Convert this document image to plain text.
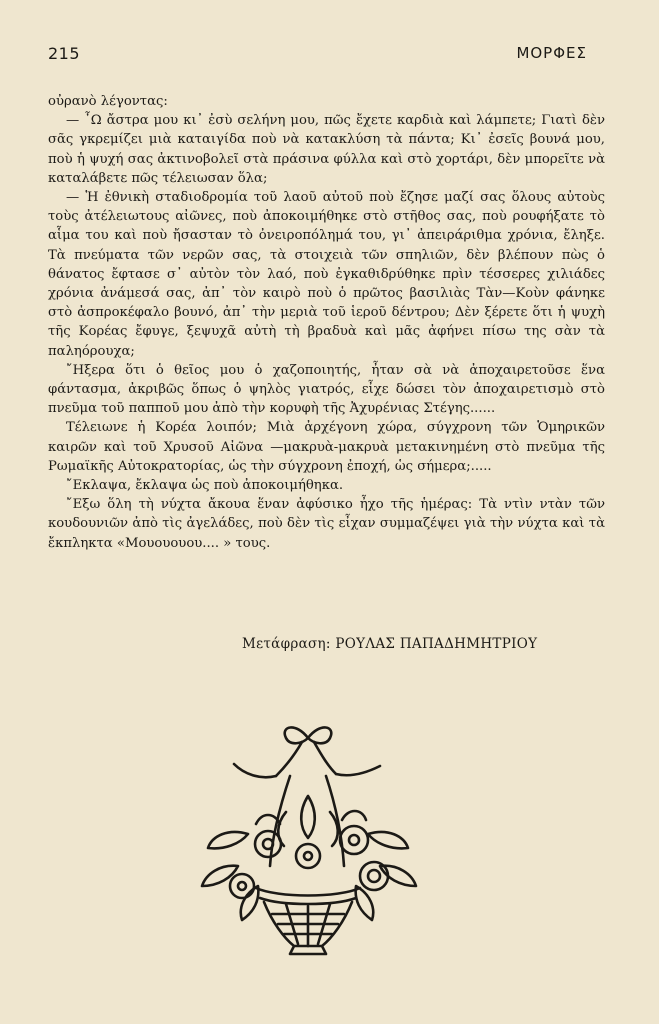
215	ΜΟΡΦΕΣ

οὐρανὸ λέγοντας:

— ῏Ω ἄστρα μου κι᾽ ἐσὺ σελήνη μου, πῶς ἔχετε καρδιὰ καὶ λάμπετε; Γιατὶ δὲν σᾶς γκρεμίζει μιὰ καταιγίδα ποὺ νὰ κατακλύση τὰ πάντα; Κι᾽ ἐσεῖς βουνά μου, ποὺ ἡ ψυχή σας ἀκτινοβολεῖ στὰ πράσινα φύλλα καὶ στὸ χορτάρι, δὲν μπορεῖτε νὰ καταλάβετε πῶς τέλειωσαν ὅλα;

— Ἡ ἐθνικὴ σταδιοδρομία τοῦ λαοῦ αὐτοῦ ποὺ ἔζησε μαζί σας ὅλους αὐτοὺς τοὺς ἀτέλειωτους αἰῶνες, ποὺ ἀποκοιμήθηκε στὸ στῆθος σας, ποὺ ρουφήξατε τὸ αἷμα του καὶ ποὺ ἤσασταν τὸ ὀνειροπόλημά του, γι᾽ ἀπειράριθμα χρόνια, ἔληξε. Τὰ πνεύματα τῶν νερῶν σας, τὰ στοιχειὰ τῶν σπηλιῶν, δὲν βλέπουν πὼς ὁ θάνατος ἔφτασε σ᾽ αὐτὸν τὸν λαό, ποὺ ἐγκαθιδρύθηκε πρὶν τέσσερες χιλιάδες χρόνια ἀνάμεσά σας, ἀπ᾽ τὸν καιρὸ ποὺ ὁ πρῶτος βασιλιὰς Τὰν—Κοὺν φάνηκε στὸ ἀσπροκέφαλο βουνό, ἀπ᾽ τὴν μεριὰ τοῦ ἱεροῦ δέντρου; Δὲν ξέρετε ὅτι ἡ ψυχὴ τῆς Κορέας ἔφυγε, ξεψυχᾶ αὐτὴ τὴ βραδυὰ καὶ μᾶς ἀφήνει πίσω της σὰν τὰ παληόρουχα;

῎Ηξερα ὅτι ὁ θεῖος μου ὁ χαζοποιητής, ἦταν σὰ νὰ ἀποχαιρετοῦσε ἕνα φάντασμα, ἀκριβῶς ὅπως ὁ ψηλὸς γιατρός, εἶχε δώσει τὸν ἀποχαιρετισμὸ στὸ πνεῦμα τοῦ παπποῦ μου ἀπὸ τὴν κορυφὴ τῆς Ἀχυρένιας Στέγης......

Τέλειωνε ἡ Κορέα λοιπόν; Μιὰ ἀρχέγονη χώρα, σύγχρονη τῶν Ὁμηρικῶν καιρῶν καὶ τοῦ Χρυσοῦ Αἰῶνα —μακρυὰ-μακρυὰ μετακινημένη στὸ πνεῦμα τῆς Ρωμαϊκῆς Αὐτοκρατορίας, ὡς τὴν σύγχρονη ἐποχή, ὡς σήμερα;.....

῎Εκλαψα, ἔκλαψα ὡς ποὺ ἀποκοιμήθηκα.

῎Εξω ὅλη τὴ νύχτα ἄκουα ἕναν ἀφύσικο ἦχο τῆς ἡμέρας: Τὰ ντὶν ντὰν τῶν κουδουνιῶν ἀπὸ τὶς ἀγελάδες, ποὺ δὲν τὶς εἶχαν συμμαζέψει γιὰ τὴν νύχτα καὶ τὰ ἔκπληκτα «Μουουουου.... » τους.

Μετάφραση: ΡΟΥΛΑΣ ΠΑΠΑΔΗΜΗΤΡΙΟΥ
